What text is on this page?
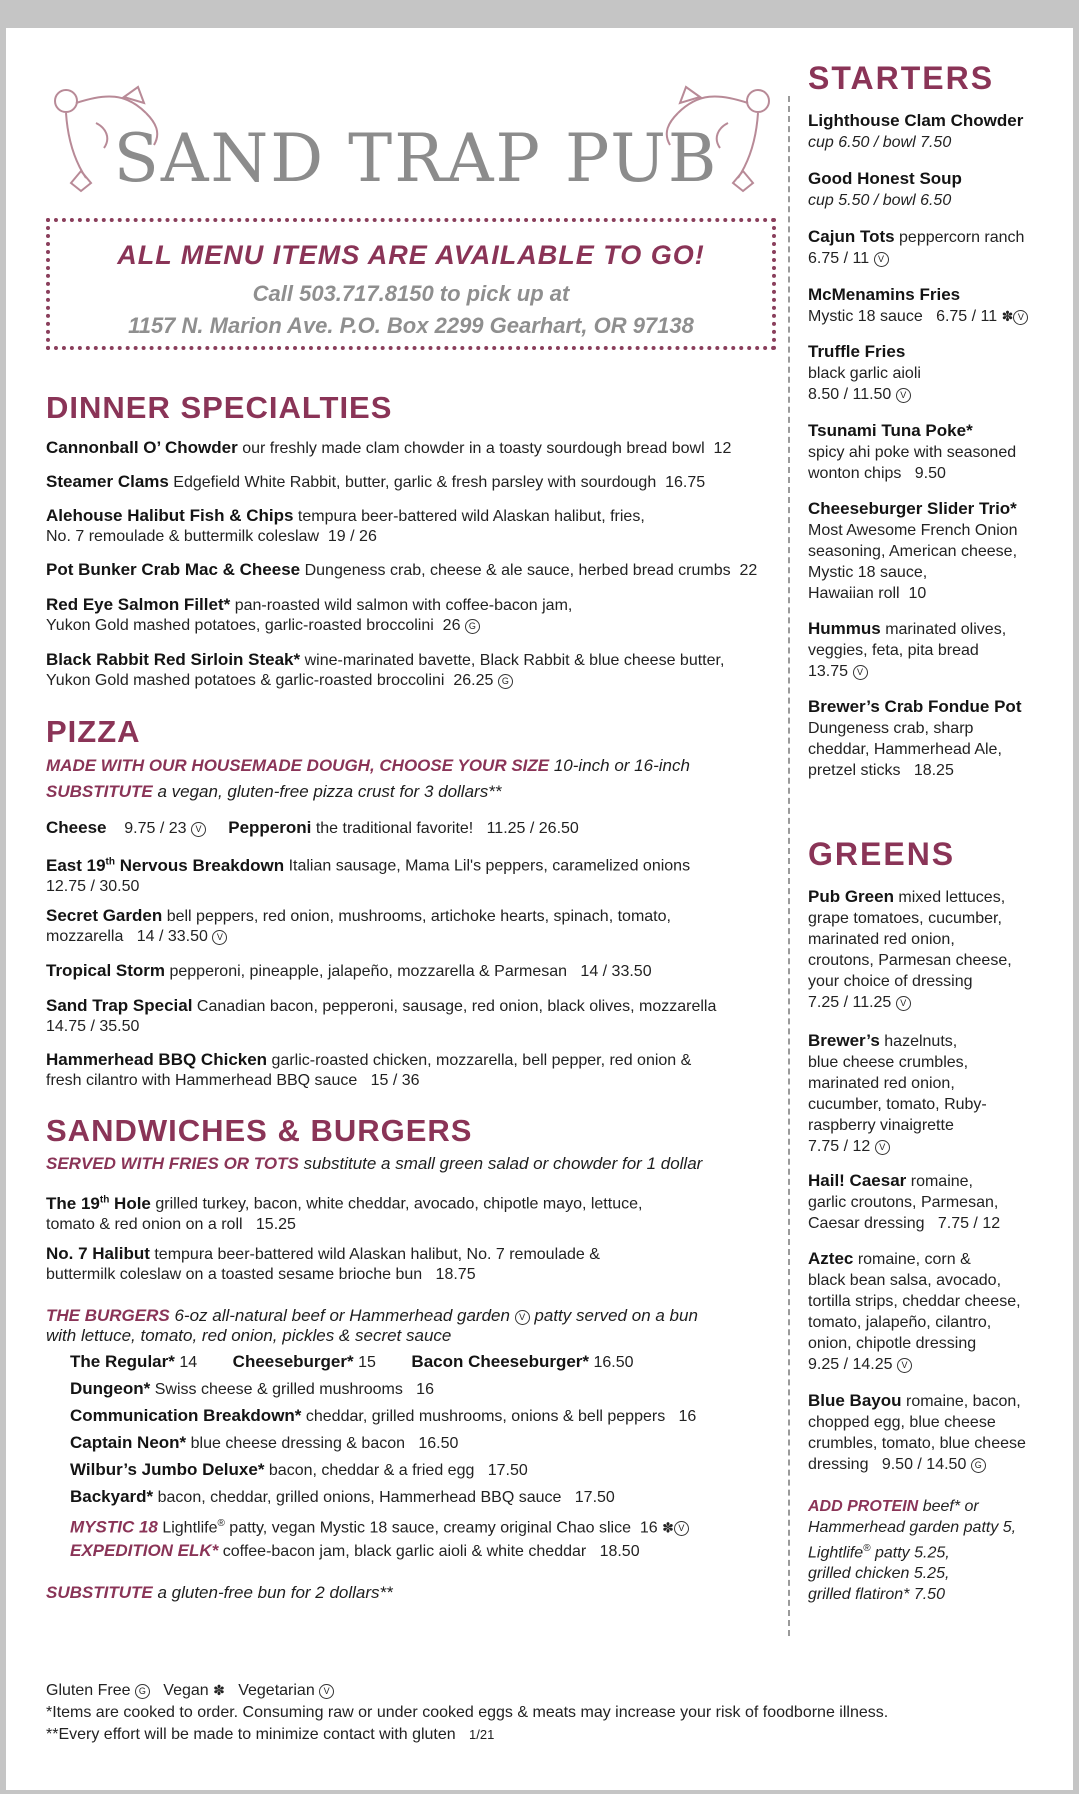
SAND TRAP PUB
ALL MENU ITEMS ARE AVAILABLE TO GO!
Call 503.717.8150 to pick up at
1157 N. Marion Ave. P.O. Box 2299 Gearhart, OR 97138
DINNER SPECIALTIES
Cannonball O’ Chowder our freshly made clam chowder in a toasty sourdough bread bowl 12
Steamer Clams Edgefield White Rabbit, butter, garlic & fresh parsley with sourdough 16.75
Alehouse Halibut Fish & Chips tempura beer-battered wild Alaskan halibut, fries,
No. 7 remoulade & buttermilk coleslaw 19 / 26
Pot Bunker Crab Mac & Cheese Dungeness crab, cheese & ale sauce, herbed bread crumbs 22
Red Eye Salmon Fillet* pan-roasted wild salmon with coffee-bacon jam,
Yukon Gold mashed potatoes, garlic-roasted broccolini 26 G
Black Rabbit Red Sirloin Steak* wine-marinated bavette, Black Rabbit & blue cheese butter,
Yukon Gold mashed potatoes & garlic-roasted broccolini 26.25 G
PIZZA
MADE WITH OUR HOUSEMADE DOUGH, CHOOSE YOUR SIZE 10-inch or 16-inch
SUBSTITUTE a vegan, gluten-free pizza crust for 3 dollars**
Cheese 9.75 / 23 V Pepperoni the traditional favorite! 11.25 / 26.50
East 19th Nervous Breakdown Italian sausage, Mama Lil's peppers, caramelized onions
12.75 / 30.50
Secret Garden bell peppers, red onion, mushrooms, artichoke hearts, spinach, tomato,
mozzarella 14 / 33.50 V
Tropical Storm pepperoni, pineapple, jalapeño, mozzarella & Parmesan 14 / 33.50
Sand Trap Special Canadian bacon, pepperoni, sausage, red onion, black olives, mozzarella
14.75 / 35.50
Hammerhead BBQ Chicken garlic-roasted chicken, mozzarella, bell pepper, red onion &
fresh cilantro with Hammerhead BBQ sauce 15 / 36
SANDWICHES & BURGERS
SERVED WITH FRIES OR TOTS substitute a small green salad or chowder for 1 dollar
The 19th Hole grilled turkey, bacon, white cheddar, avocado, chipotle mayo, lettuce,
tomato & red onion on a roll 15.25
No. 7 Halibut tempura beer-battered wild Alaskan halibut, No. 7 remoulade &
buttermilk coleslaw on a toasted sesame brioche bun 18.75
THE BURGERS 6-oz all-natural beef or Hammerhead garden V patty served on a bun
with lettuce, tomato, red onion, pickles & secret sauce
The Regular* 14 Cheeseburger* 15 Bacon Cheeseburger* 16.50
Dungeon* Swiss cheese & grilled mushrooms 16
Communication Breakdown* cheddar, grilled mushrooms, onions & bell peppers 16
Captain Neon* blue cheese dressing & bacon 16.50
Wilbur’s Jumbo Deluxe* bacon, cheddar & a fried egg 17.50
Backyard* bacon, cheddar, grilled onions, Hammerhead BBQ sauce 17.50
MYSTIC 18 Lightlife® patty, vegan Mystic 18 sauce, creamy original Chao slice 16 ✽ V
EXPEDITION ELK* coffee-bacon jam, black garlic aioli & white cheddar 18.50
SUBSTITUTE a gluten-free bun for 2 dollars**
Gluten Free G Vegan ✽ Vegetarian V
*Items are cooked to order. Consuming raw or under cooked eggs & meats may increase your risk of foodborne illness.
**Every effort will be made to minimize contact with gluten 1/21
STARTERS
Lighthouse Clam Chowder
cup 6.50 / bowl 7.50
Good Honest Soup
cup 5.50 / bowl 6.50
Cajun Tots peppercorn ranch
6.75 / 11 V
McMenamins Fries
Mystic 18 sauce 6.75 / 11 ✽ V
Truffle Fries
black garlic aioli
8.50 / 11.50 V
Tsunami Tuna Poke*
spicy ahi poke with seasoned
wonton chips 9.50
Cheeseburger Slider Trio*
Most Awesome French Onion
seasoning, American cheese,
Mystic 18 sauce,
Hawaiian roll 10
Hummus marinated olives,
veggies, feta, pita bread
13.75 V
Brewer’s Crab Fondue Pot
Dungeness crab, sharp
cheddar, Hammerhead Ale,
pretzel sticks 18.25
GREENS
Pub Green mixed lettuces,
grape tomatoes, cucumber,
marinated red onion,
croutons, Parmesan cheese,
your choice of dressing
7.25 / 11.25 V
Brewer’s hazelnuts,
blue cheese crumbles,
marinated red onion,
cucumber, tomato, Ruby-
raspberry vinaigrette
7.75 / 12 V
Hail! Caesar romaine,
garlic croutons, Parmesan,
Caesar dressing 7.75 / 12
Aztec romaine, corn &
black bean salsa, avocado,
tortilla strips, cheddar cheese,
tomato, jalapeño, cilantro,
onion, chipotle dressing
9.25 / 14.25 V
Blue Bayou romaine, bacon,
chopped egg, blue cheese
crumbles, tomato, blue cheese
dressing 9.50 / 14.50 G
ADD PROTEIN beef* or
Hammerhead garden patty 5,
Lightlife® patty 5.25,
grilled chicken 5.25,
grilled flatiron* 7.50
